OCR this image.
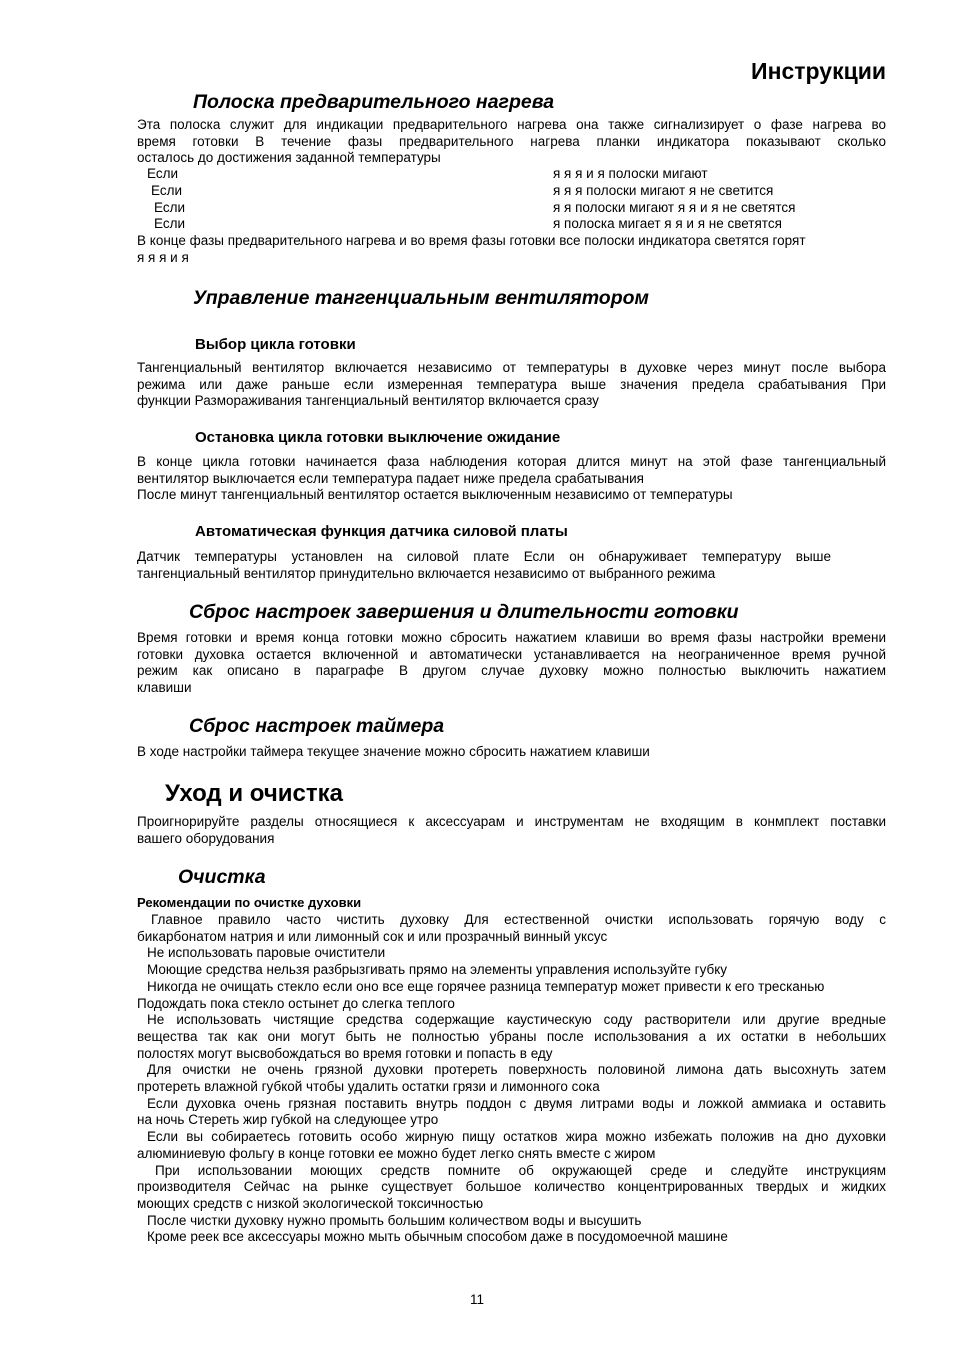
Инструкции
Полоска предварительного нагрева
Эта полоска служит для индикации предварительного нагрева она также сигнализирует о фазе нагрева во
время готовки В течение фазы предварительного нагрева планки индикатора показывают сколько
осталось до достижения заданной температуры
Если	я я я и я полоски мигают
Если	я я я полоски мигают я не светится
Если	я я полоски мигают я я и я не светятся
Если	я полоска мигает я я и я не светятся
В конце фазы предварительного нагрева и во время фазы готовки все полоски индикатора светятся горят
я я я и я
Управление тангенциальным вентилятором
Выбор цикла готовки
Тангенциальный вентилятор включается независимо от температуры в духовке через минут после выбора
режима или даже раньше если измеренная температура выше значения предела срабатывания При
функции Размораживания тангенциальный вентилятор включается сразу
Остановка цикла готовки выключение ожидание
В конце цикла готовки начинается фаза наблюдения которая длится минут на этой фазе тангенциальный
вентилятор выключается если температура падает ниже предела срабатывания
После минут тангенциальный вентилятор остается выключенным независимо от температуры
Автоматическая функция датчика силовой платы
Датчик температуры установлен на силовой плате Если он обнаруживает температуру выше
тангенциальный вентилятор принудительно включается независимо от выбранного режима
Сброс настроек завершения и длительности готовки
Время готовки и время конца готовки можно сбросить нажатием клавиши во время фазы настройки времени
готовки духовка остается включенной и автоматически устанавливается на неограниченное время ручной
режим как описано в параграфе В другом случае духовку можно полностью выключить нажатием
клавиши
Сброс настроек таймера
В ходе настройки таймера текущее значение можно сбросить нажатием клавиши
Уход и очистка
Проигнорируйте разделы относящиеся к аксессуарам и инструментам не входящим в конмплект поставки
вашего оборудования
Очистка
Рекомендации по очистке духовки
Главное правило часто чистить духовку Для естественной очистки использовать горячую воду с
бикарбонатом натрия и или лимонный сок и или прозрачный винный уксус
Не использовать паровые очистители
Моющие средства нельзя разбрызгивать прямо на элементы управления используйте губку
Никогда не очищать стекло если оно все еще горячее разница температур может привести к его тресканью
Подождать пока стекло остынет до слегка теплого
Не использовать чистящие средства содержащие каустическую соду растворители или другие вредные
вещества так как они могут быть не полностью убраны после использования а их остатки в небольших
полостях могут высвобождаться во время готовки и попасть в еду
Для очистки не очень грязной духовки протереть поверхность половиной лимона дать высохнуть затем
протереть влажной губкой чтобы удалить остатки грязи и лимонного сока
Если духовка очень грязная поставить внутрь поддон с двумя литрами воды и ложкой аммиака и оставить
на ночь Стереть жир губкой на следующее утро
Если вы собираетесь готовить особо жирную пищу остатков жира можно избежать положив на дно духовки
алюминиевую фольгу в конце готовки ее можно будет легко снять вместе с жиром
При использовании моющих средств помните об окружающей среде и следуйте инструкциям
производителя Сейчас на рынке существует большое количество концентрированных твердых и жидких
моющих средств с низкой экологической токсичностью
После чистки духовку нужно промыть большим количеством воды и высушить
Кроме реек все аксессуары можно мыть обычным способом даже в посудомоечной машине
11
